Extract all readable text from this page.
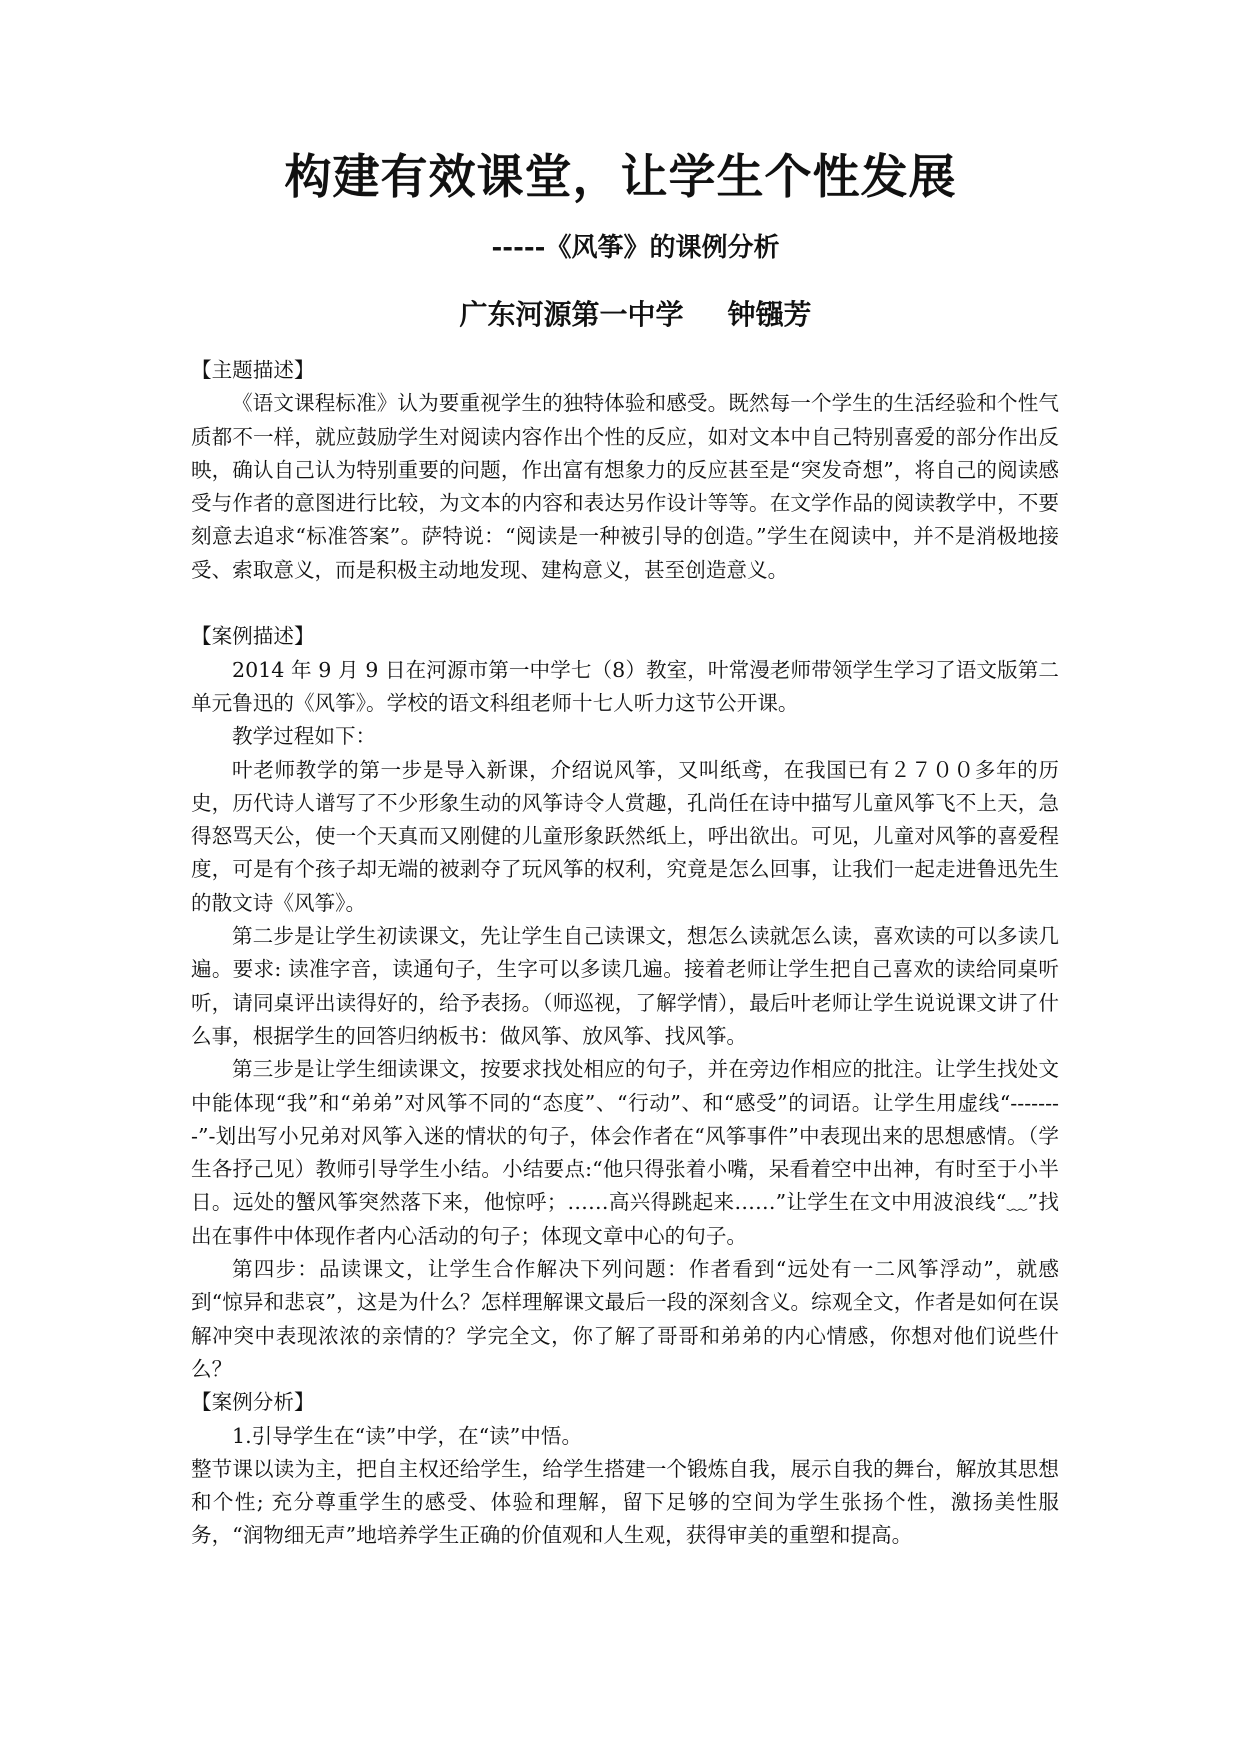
构建有效课堂，让学生个性发展
-----《风筝》的课例分析
广东河源第一中学 钟镪芳

【主题描述】

《语文课程标准》认为要重视学生的独特体验和感受。既然每一个学生的生活经验和个性气质都不一样，就应鼓励学生对阅读内容作出个性的反应，如对文本中自己特别喜爱的部分作出反映，确认自己认为特别重要的问题，作出富有想象力的反应甚至是“突发奇想”，将自己的阅读感受与作者的意图进行比较，为文本的内容和表达另作设计等等。在文学作品的阅读教学中，不要刻意去追求“标准答案”。萨特说：“阅读是一种被引导的创造。”学生在阅读中，并不是消极地接受、索取意义，而是积极主动地发现、建构意义，甚至创造意义。

【案例描述】

2014 年 9 月 9 日在河源市第一中学七（8）教室，叶常漫老师带领学生学习了语文版第二单元鲁迅的《风筝》。学校的语文科组老师十七人听力这节公开课。

教学过程如下：

叶老师教学的第一步是导入新课，介绍说风筝，又叫纸鸢，在我国已有２７００多年的历史，历代诗人谱写了不少形象生动的风筝诗令人赏趣，孔尚任在诗中描写儿童风筝飞不上天，急得怒骂天公，使一个天真而又刚健的儿童形象跃然纸上，呼出欲出。可见，儿童对风筝的喜爱程度，可是有个孩子却无端的被剥夺了玩风筝的权利，究竟是怎么回事，让我们一起走进鲁迅先生的散文诗《风筝》。

第二步是让学生初读课文，先让学生自己读课文，想怎么读就怎么读，喜欢读的可以多读几遍。要求: 读准字音，读通句子，生字可以多读几遍。接着老师让学生把自己喜欢的读给同桌听听，请同桌评出读得好的，给予表扬。（师巡视，了解学情），最后叶老师让学生说说课文讲了什么事，根据学生的回答归纳板书：做风筝、放风筝、找风筝。

第三步是让学生细读课文，按要求找处相应的句子，并在旁边作相应的批注。让学生找处文中能体现“我”和“弟弟”对风筝不同的“态度”、“行动”、和“感受”的词语。让学生用虚线“--------”-划出写小兄弟对风筝入迷的情状的句子，体会作者在“风筝事件”中表现出来的思想感情。（学生各抒己见）教师引导学生小结。小结要点:“他只得张着小嘴，呆看着空中出神，有时至于小半日。远处的蟹风筝突然落下来，他惊呼；……高兴得跳起来……”让学生在文中用波浪线“﹏”找出在事件中体现作者内心活动的句子；体现文章中心的句子。

第四步：品读课文，让学生合作解决下列问题：作者看到“远处有一二风筝浮动”，就感到“惊异和悲哀”，这是为什么？怎样理解课文最后一段的深刻含义。综观全文，作者是如何在误解冲突中表现浓浓的亲情的？学完全文，你了解了哥哥和弟弟的内心情感，你想对他们说些什么？

【案例分析】

1.引导学生在“读”中学，在“读”中悟。

整节课以读为主，把自主权还给学生，给学生搭建一个锻炼自我，展示自我的舞台，解放其思想和个性; 充分尊重学生的感受、体验和理解，留下足够的空间为学生张扬个性，激扬美性服务，“润物细无声”地培养学生正确的价值观和人生观，获得审美的重塑和提高。
